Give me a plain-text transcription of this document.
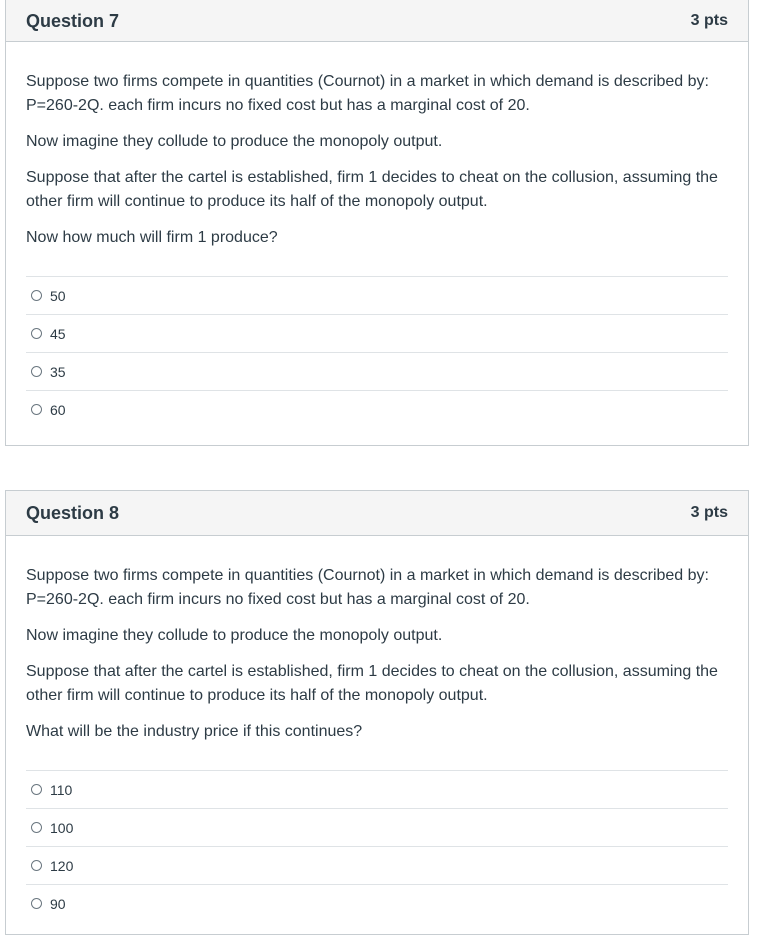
Question 7	3 pts

Suppose two firms compete in quantities (Cournot) in a market in which demand is described by: P=260-2Q. each firm incurs no fixed cost but has a marginal cost of 20.

Now imagine they collude to produce the monopoly output.

Suppose that after the cartel is established, firm 1 decides to cheat on the collusion, assuming the other firm will continue to produce its half of the monopoly output.

Now how much will firm 1 produce?

50
45
35
60
Question 8	3 pts

Suppose two firms compete in quantities (Cournot) in a market in which demand is described by: P=260-2Q. each firm incurs no fixed cost but has a marginal cost of 20.

Now imagine they collude to produce the monopoly output.

Suppose that after the cartel is established, firm 1 decides to cheat on the collusion, assuming the other firm will continue to produce its half of the monopoly output.

What will be the industry price if this continues?

110
100
120
90
